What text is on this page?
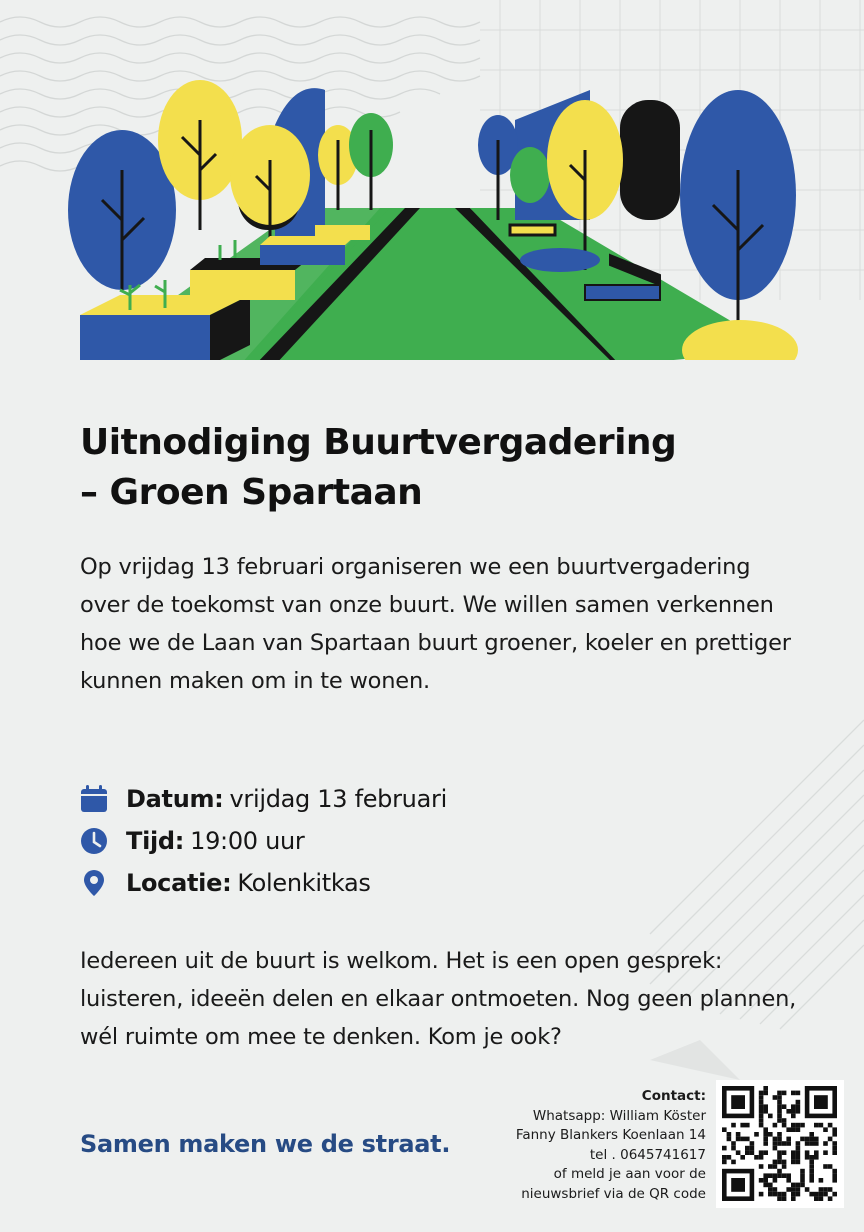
Uitnodiging Buurtvergadering
– Groen Spartaan

Op vrijdag 13 februari organiseren we een buurtvergadering over de toekomst van onze buurt. We willen samen verkennen hoe we de Laan van Spartaan buurt groener, koeler en prettiger kunnen maken om in te wonen.

Datum: vrijdag 13 februari
Tijd: 19:00 uur
Locatie: Kolenkitkas

Iedereen uit de buurt is welkom. Het is een open gesprek: luisteren, ideeën delen en elkaar ontmoeten. Nog geen plannen, wél ruimte om mee te denken. Kom je ook?

Samen maken we de straat.

Contact:
Whatsapp: William Köster
Fanny Blankers Koenlaan 14
tel . 0645741617
of meld je aan voor de
nieuwsbrief via de QR code
